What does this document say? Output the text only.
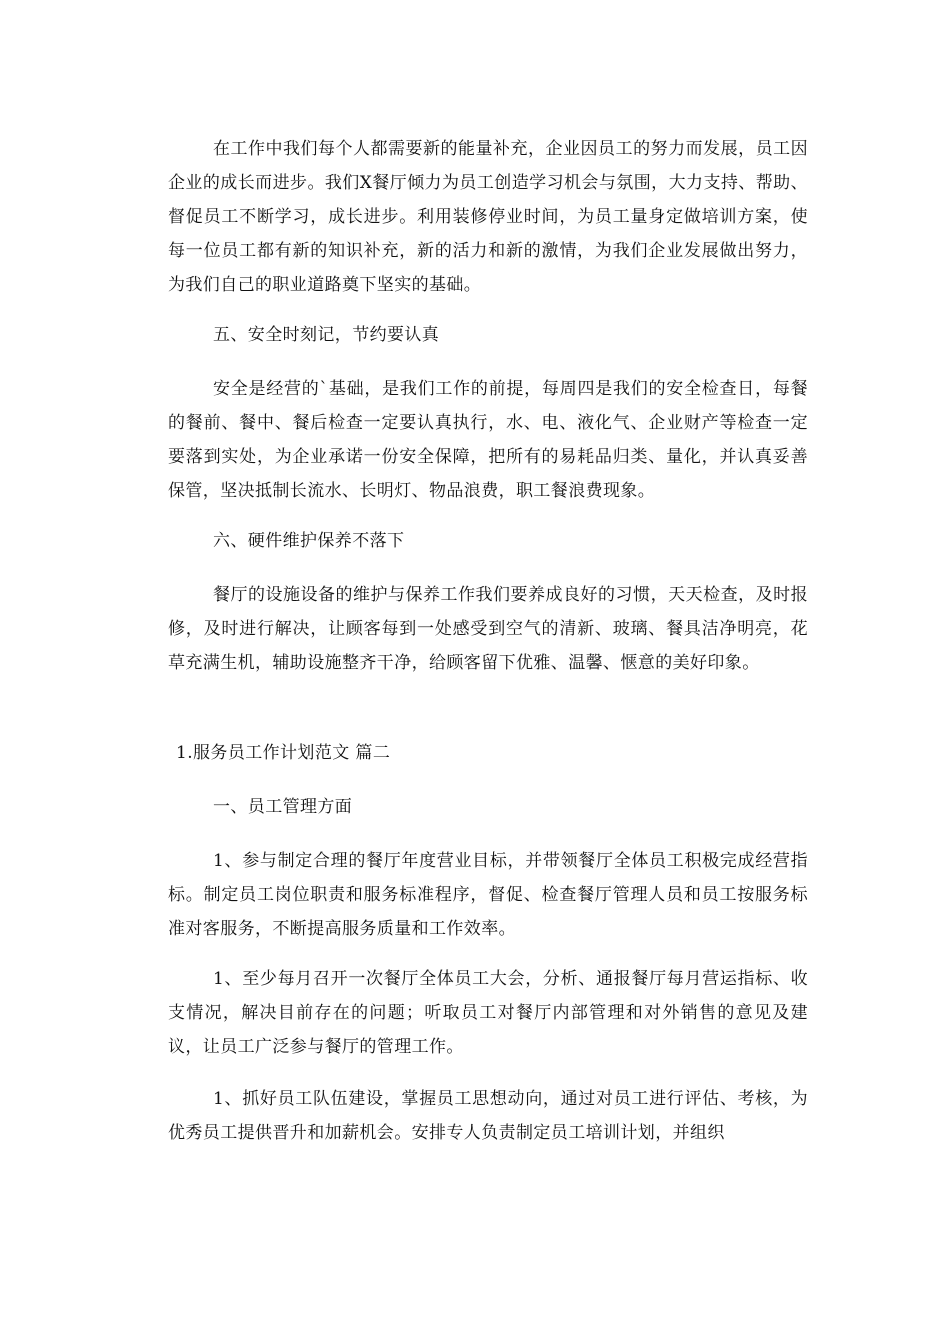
在工作中我们每个人都需要新的能量补充，企业因员工的努力而发展，员工因企业的成长而进步。我们X餐厅倾力为员工创造学习机会与氛围，大力支持、帮助、督促员工不断学习，成长进步。利用装修停业时间，为员工量身定做培训方案，使每一位员工都有新的知识补充，新的活力和新的激情，为我们企业发展做出努力，为我们自己的职业道路奠下坚实的基础。

五、安全时刻记，节约要认真

安全是经营的`基础，是我们工作的前提，每周四是我们的安全检查日，每餐的餐前、餐中、餐后检查一定要认真执行，水、电、液化气、企业财产等检查一定要落到实处，为企业承诺一份安全保障，把所有的易耗品归类、量化，并认真妥善保管，坚决抵制长流水、长明灯、物品浪费，职工餐浪费现象。

六、硬件维护保养不落下

餐厅的设施设备的维护与保养工作我们要养成良好的习惯，天天检查，及时报修，及时进行解决，让顾客每到一处感受到空气的清新、玻璃、餐具洁净明亮，花草充满生机，辅助设施整齐干净，给顾客留下优雅、温馨、惬意的美好印象。

1.服务员工作计划范文 篇二

一、员工管理方面

1、参与制定合理的餐厅年度营业目标，并带领餐厅全体员工积极完成经营指标。制定员工岗位职责和服务标准程序，督促、检查餐厅管理人员和员工按服务标准对客服务，不断提高服务质量和工作效率。

1、至少每月召开一次餐厅全体员工大会，分析、通报餐厅每月营运指标、收支情况，解决目前存在的问题；听取员工对餐厅内部管理和对外销售的意见及建议，让员工广泛参与餐厅的管理工作。

1、抓好员工队伍建设，掌握员工思想动向，通过对员工进行评估、考核，为优秀员工提供晋升和加薪机会。安排专人负责制定员工培训计划，并组织
